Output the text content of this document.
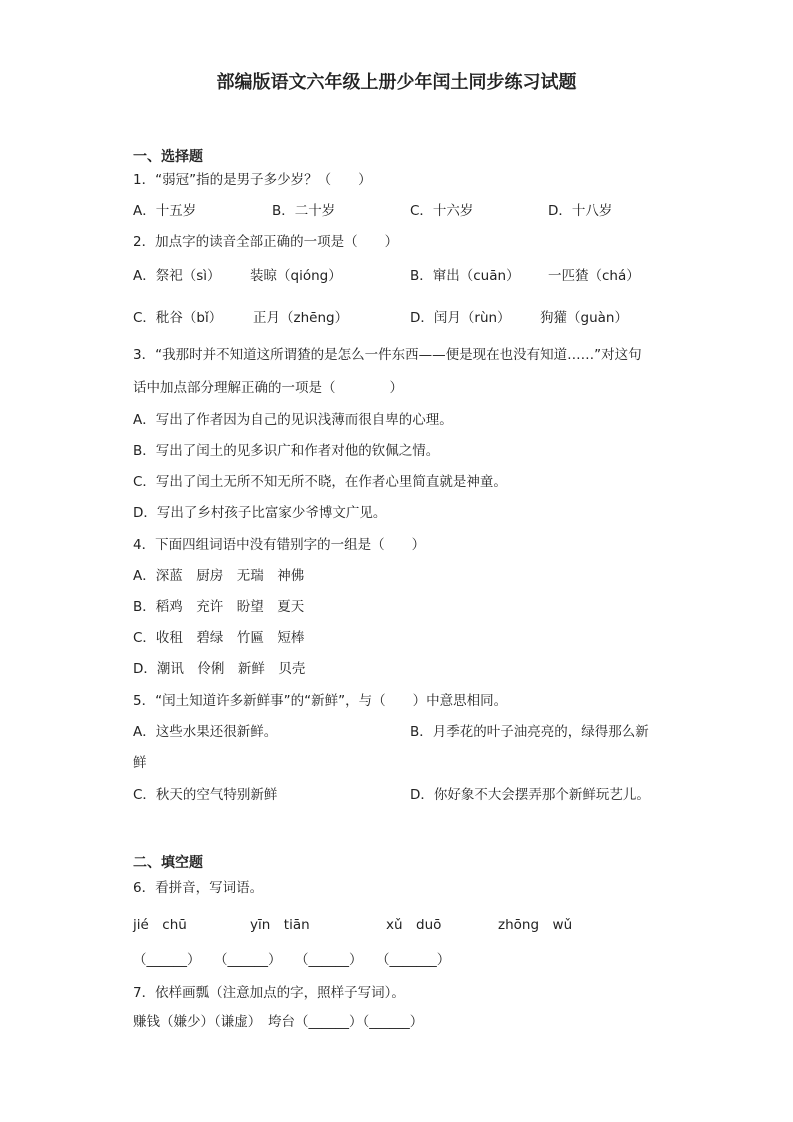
部编版语文六年级上册少年闰土同步练习试题
一、选择题
1．“弱冠”指的是男子多少岁？（　　）
A．十五岁	B．二十岁	C．十六岁	D．十八岁
2．加点字的读音全部正确的一项是（　　）
A．祭祀（sì） 装晾（qióng）	B．窜出（cuān） 一匹猹（chá）
C．秕谷（bǐ） 正月（zhēng）	D．闰月（rùn） 狗獾（guàn）
3．“我那时并不知道这所谓猹的是怎么一件东西——便是现在也没有知道……”对这句
话中加点部分理解正确的一项是（　　　　）
A．写出了作者因为自己的见识浅薄而很自卑的心理。
B．写出了闰土的见多识广和作者对他的钦佩之情。
C．写出了闰土无所不知无所不晓，在作者心里简直就是神童。
D．写出了乡村孩子比富家少爷博文广见。
4．下面四组词语中没有错别字的一组是（　　）
A．深蓝　厨房　无瑞　神佛
B．稻鸡　充许　盼望　夏天
C．收租　碧绿　竹匾　短棒
D．潮讯　伶俐　新鲜　贝壳
5．“闰土知道许多新鲜事”的“新鲜”，与（　　）中意思相同。
A．这些水果还很新鲜。	B．月季花的叶子油亮亮的，绿得那么新
鲜
C．秋天的空气特别新鲜	D．你好象不大会摆弄那个新鲜玩艺儿。
二、填空题
6．看拼音，写词语。
jié　chū	yīn　tiān	xǔ　duō	zhōng　wǔ
（______）　　（______）　　（______）　　（_______）
7．依样画瓢（注意加点的字，照样子写词）。
赚钱（嫌少）（谦虚）　垮台（______）（______）
